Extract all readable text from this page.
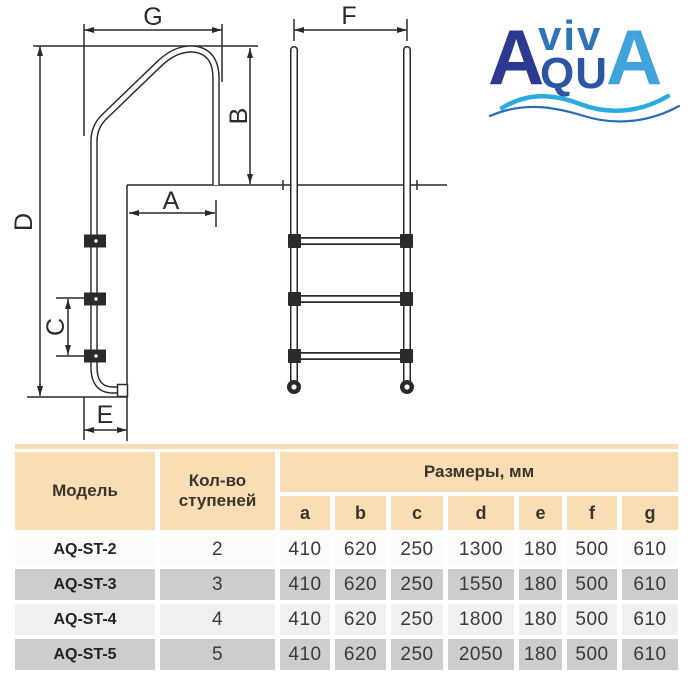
G	F
D
B
A
C
E
A
viv A
QU
Модель	Кол-во ступеней	Размеры, мм						
		a	b	c	d	e	f	g
AQ-ST-2	2	410	620	250	1300	180	500	610
AQ-ST-3	3	410	620	250	1550	180	500	610
AQ-ST-4	4	410	620	250	1800	180	500	610
AQ-ST-5	5	410	620	250	2050	180	500	610
